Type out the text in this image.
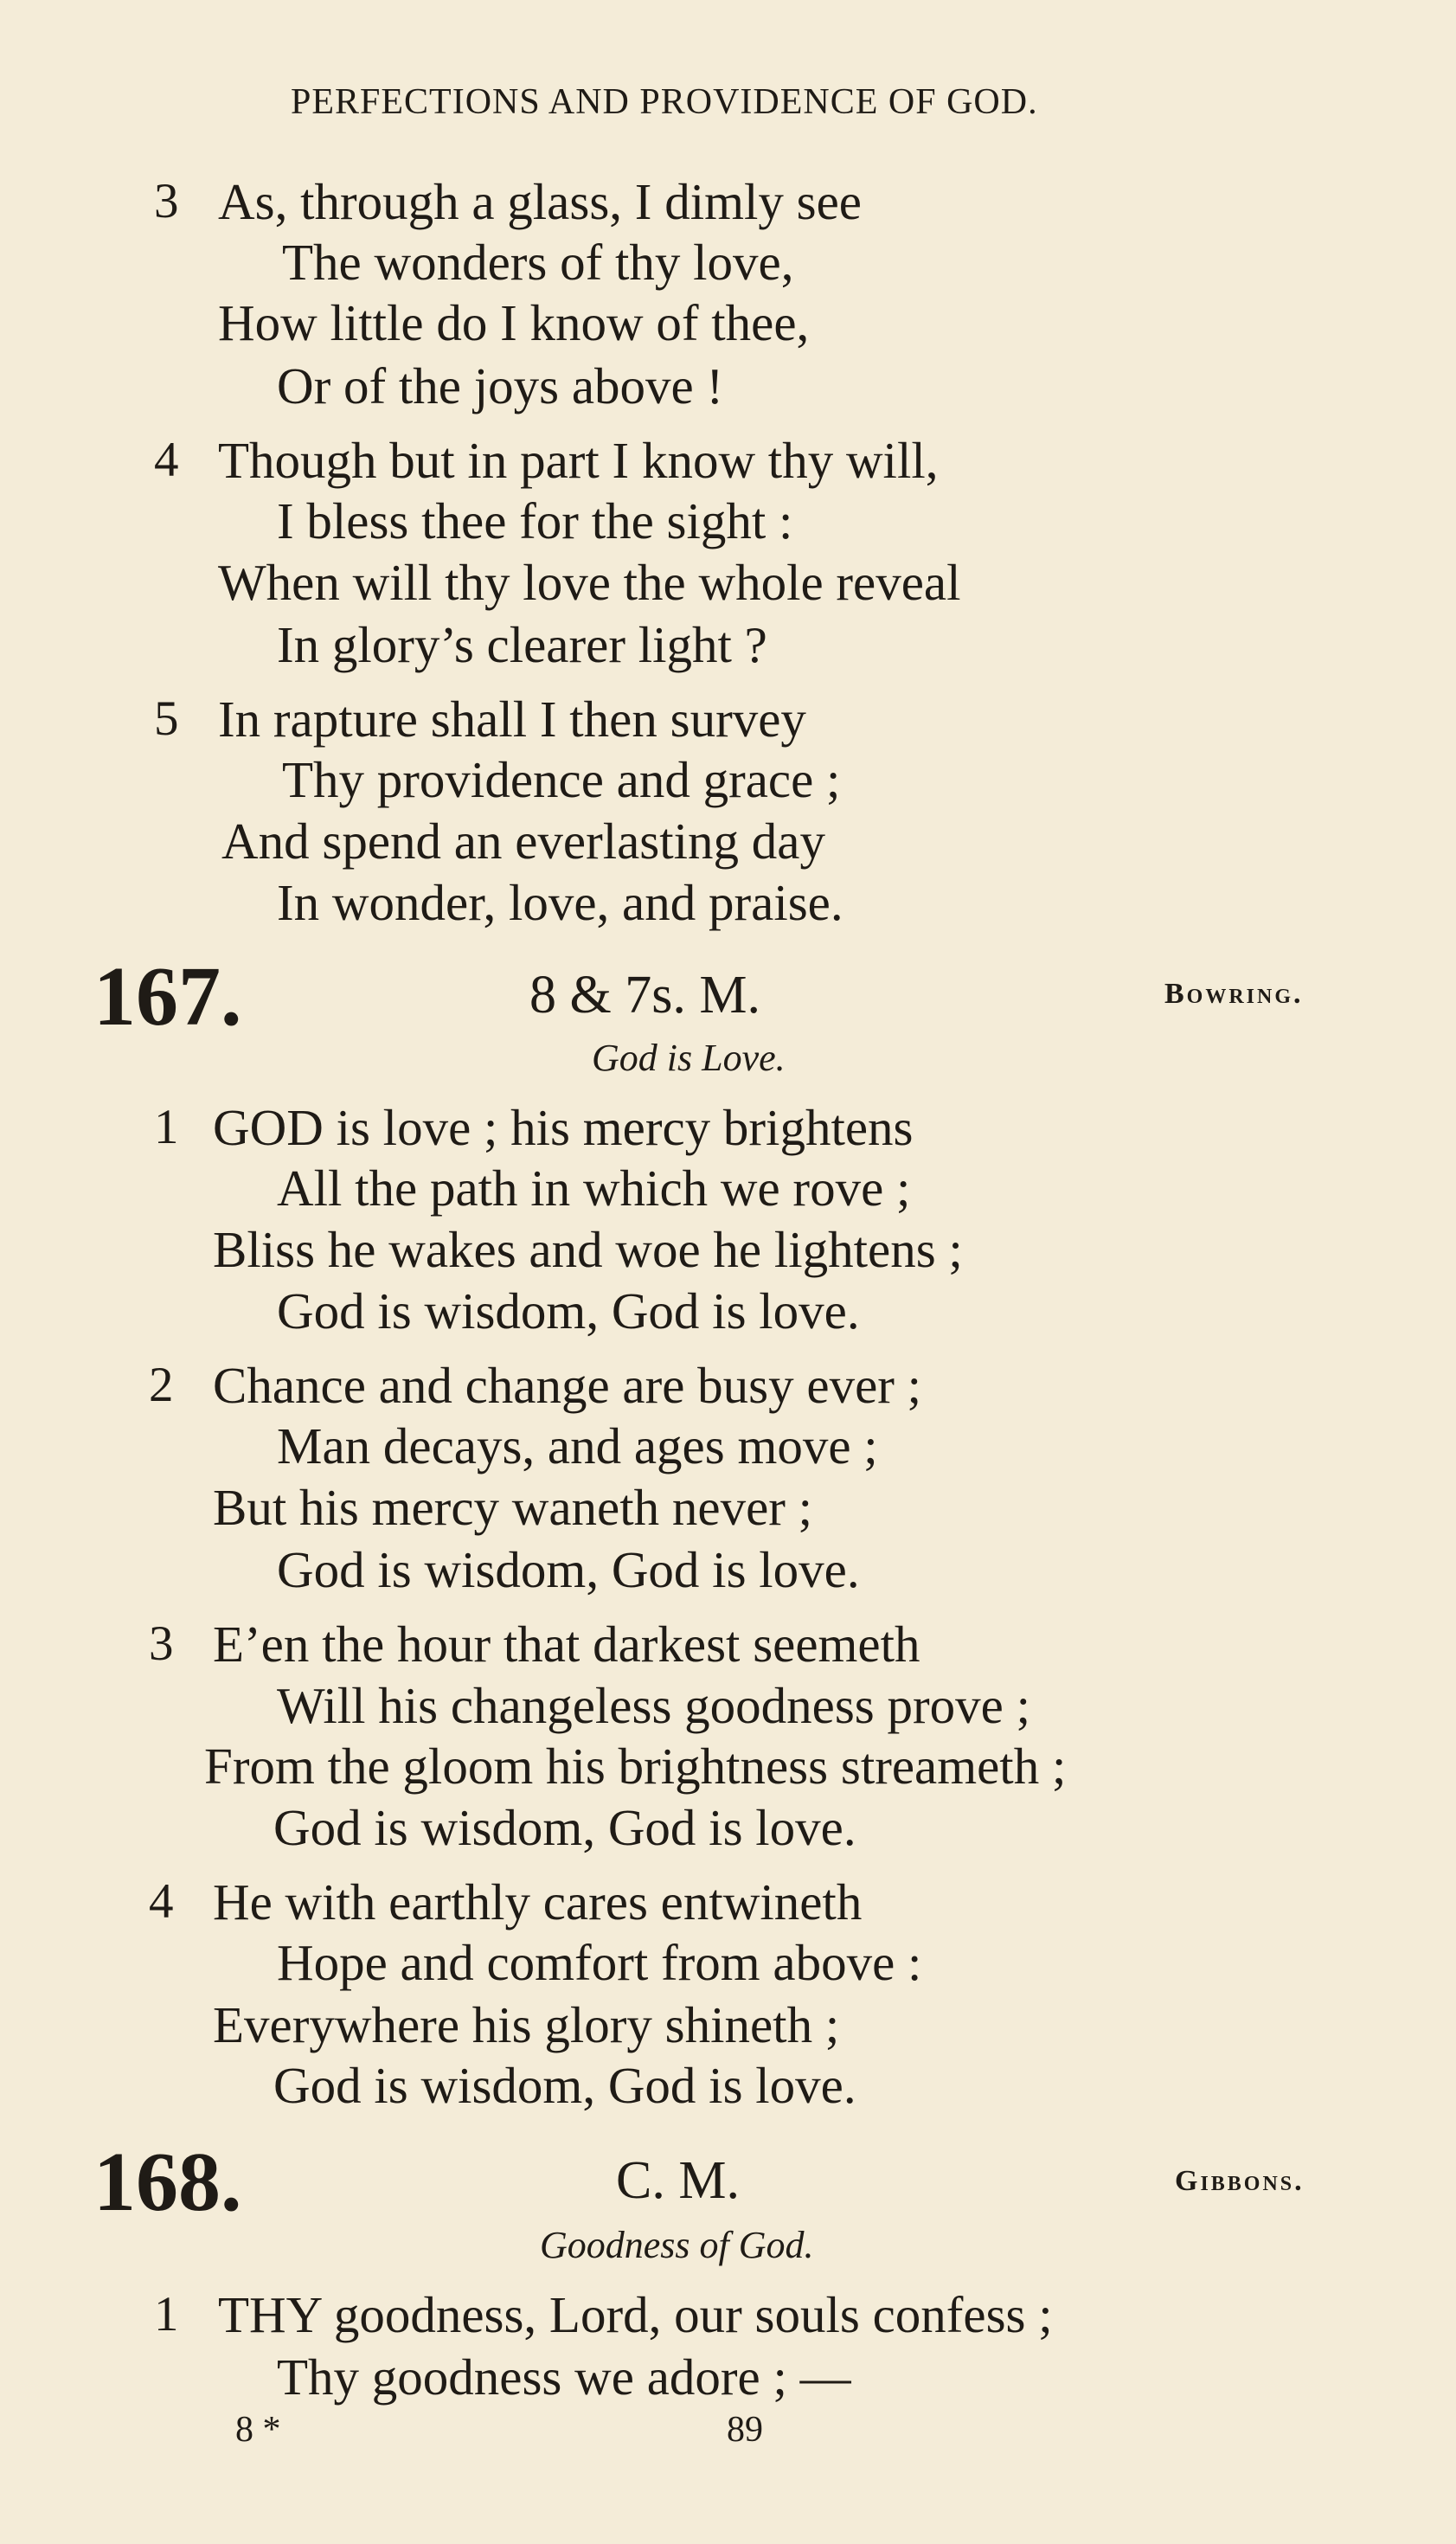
PERFECTIONS AND PROVIDENCE OF GOD.
3 As, through a glass, I dimly see
The wonders of thy love,
How little do I know of thee,
Or of the joys above !
4 Though but in part I know thy will,
I bless thee for the sight :
When will thy love the whole reveal
In glory’s clearer light ?
5 In rapture shall I then survey
Thy providence and grace ;
And spend an everlasting day
In wonder, love, and praise.
167.	8 & 7s. M.	Bowring.
God is Love.
1 GOD is love ; his mercy brightens
All the path in which we rove ;
Bliss he wakes and woe he lightens ;
God is wisdom, God is love.
2 Chance and change are busy ever ;
Man decays, and ages move ;
But his mercy waneth never ;
God is wisdom, God is love.
3 E’en the hour that darkest seemeth
Will his changeless goodness prove ;
From the gloom his brightness streameth ;
God is wisdom, God is love.
4 He with earthly cares entwineth
Hope and comfort from above :
Everywhere his glory shineth ;
God is wisdom, God is love.
168.	C. M.	Gibbons.
Goodness of God.
1 THY goodness, Lord, our souls confess ;
Thy goodness we adore ; —
8 *	89
